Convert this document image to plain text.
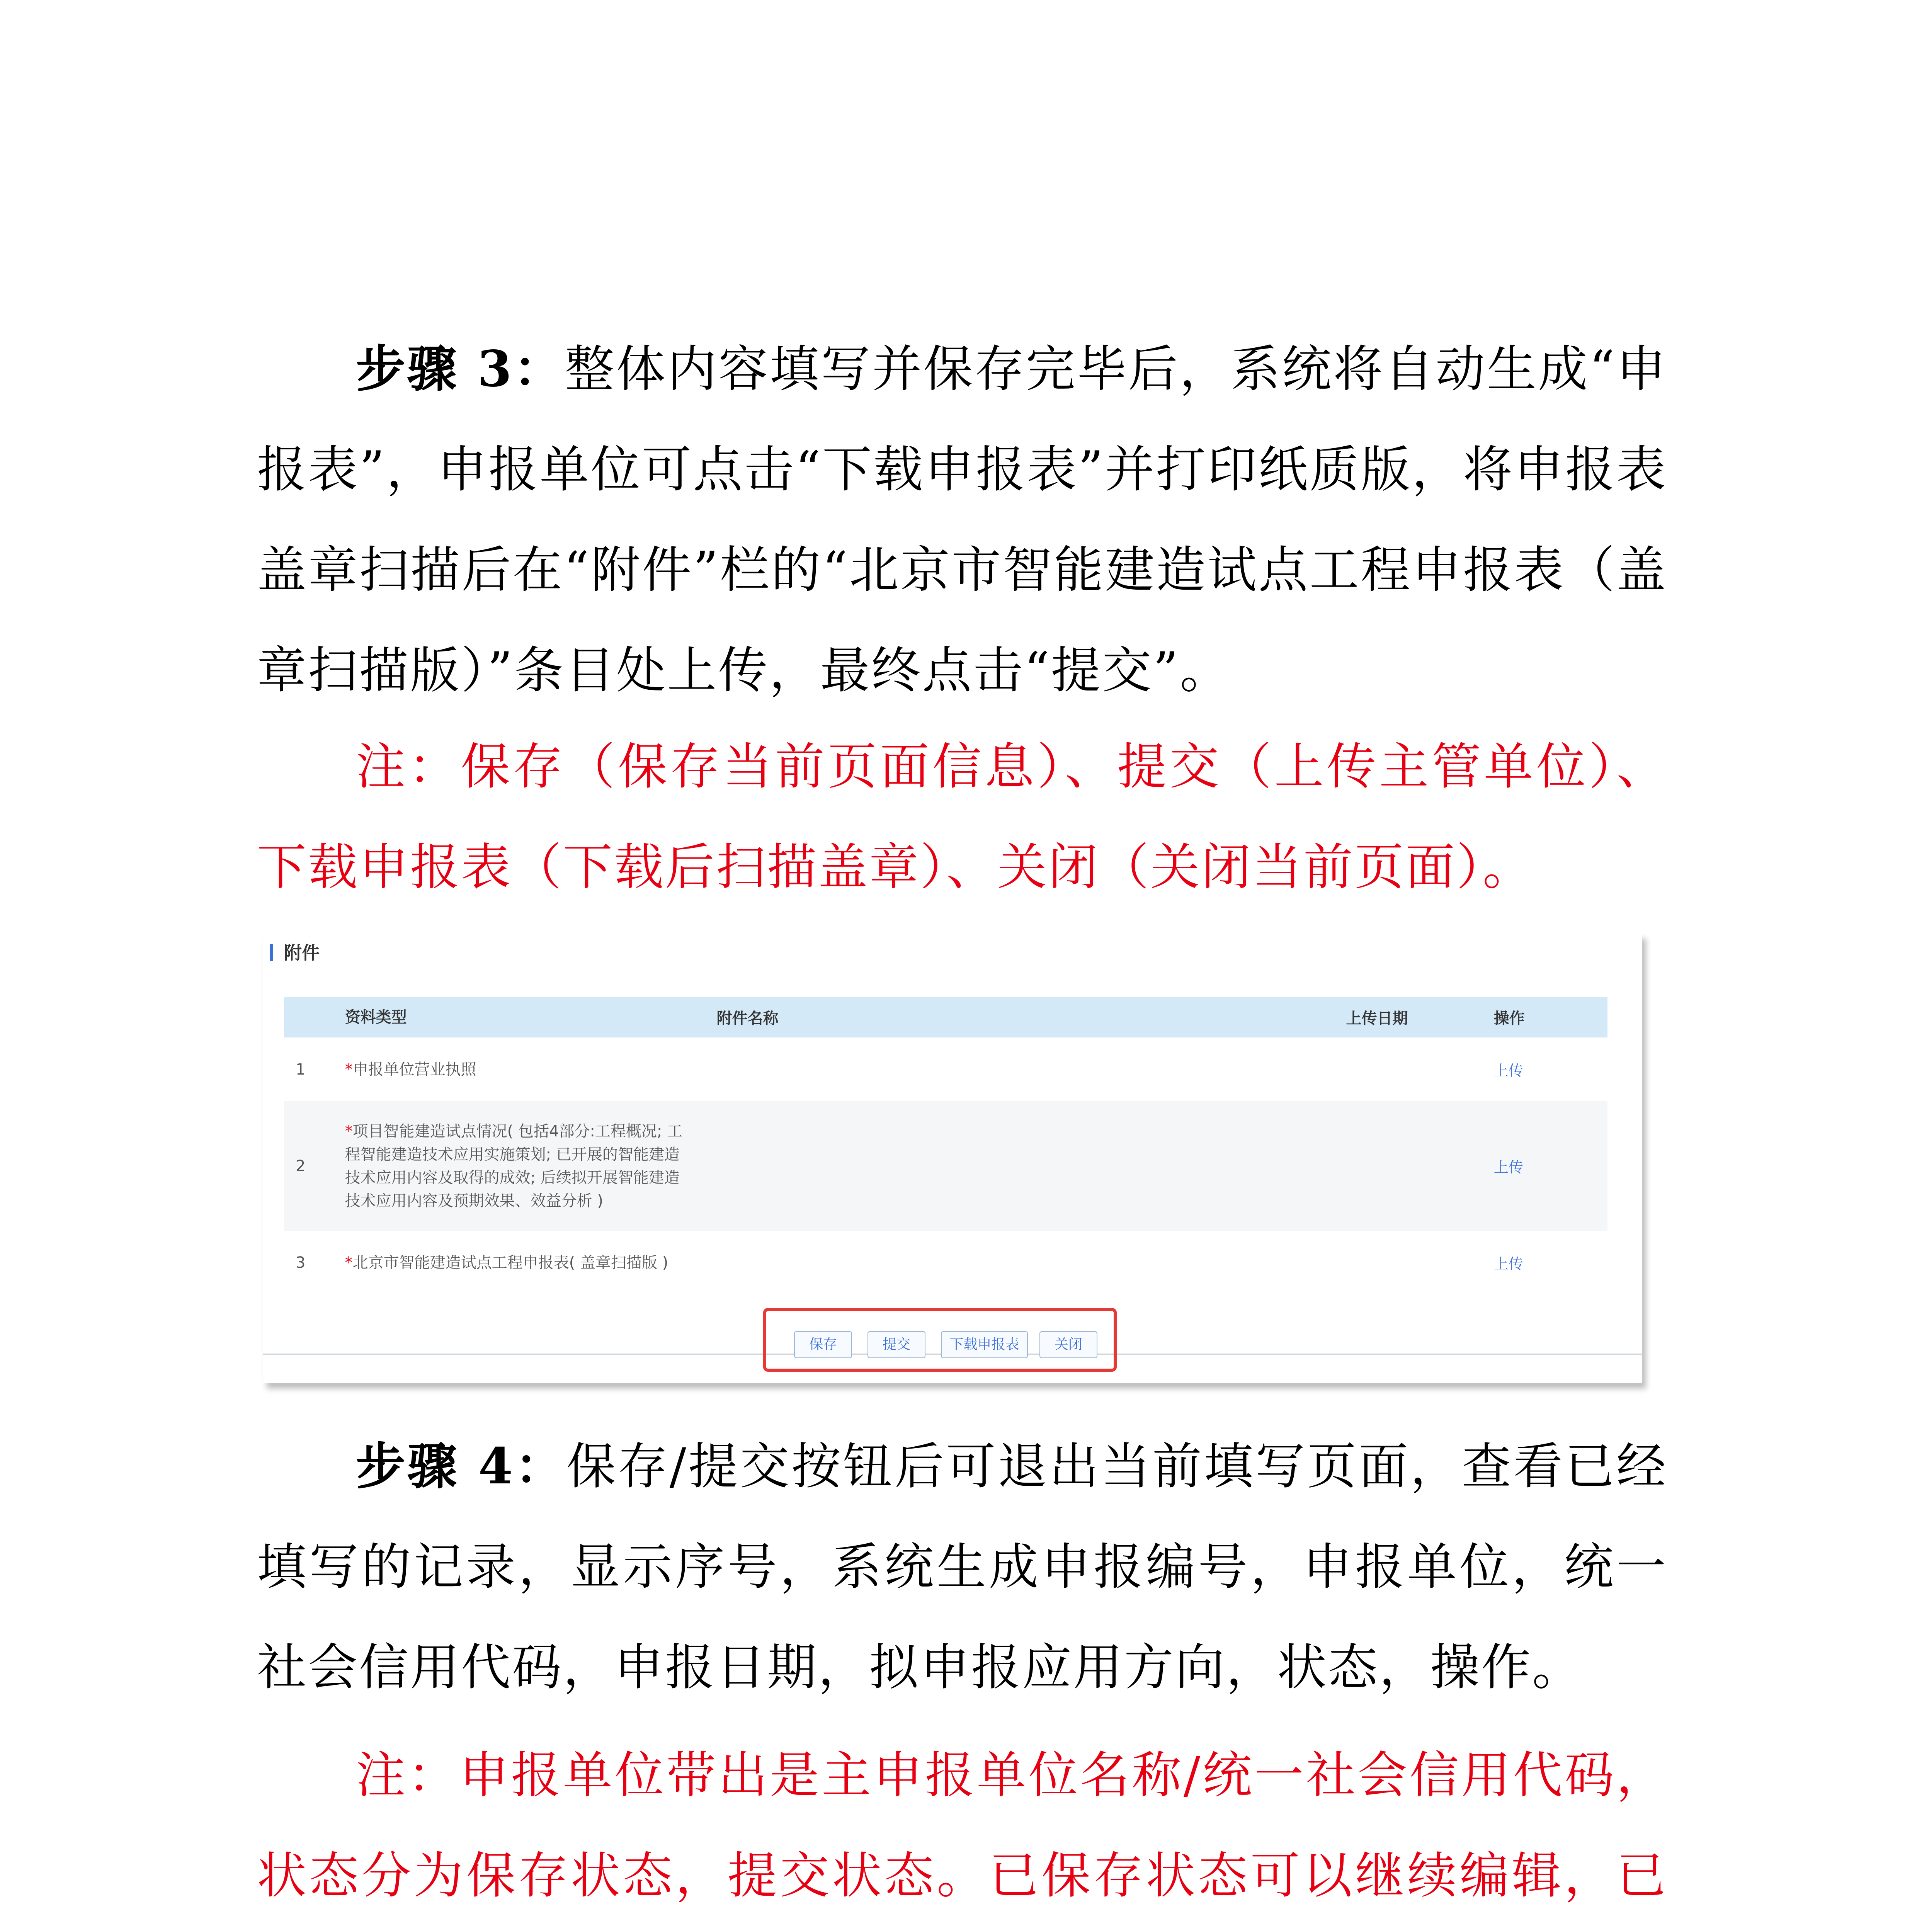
步骤 3：整体内容填写并保存完毕后，系统将自动生成“申报表”，申报单位可点击“下载申报表”并打印纸质版，将申报表盖章扫描后在“附件”栏的“北京市智能建造试点工程申报表（盖章扫描版）”条目处上传，最终点击“提交”。

注：保存（保存当前页面信息）、提交（上传主管单位）、下载申报表（下载后扫描盖章）、关闭（关闭当前页面）。

附件
	资料类型	附件名称	上传日期	操作
1	*申报单位营业执照			上传
2	*项目智能建造试点情况( 包括4部分:工程概况; 工程智能建造技术应用实施策划; 已开展的智能建造技术应用内容及取得的成效; 后续拟开展智能建造技术应用内容及预期效果、效益分析 )			上传
3	*北京市智能建造试点工程申报表( 盖章扫描版 )			上传
保存	提交	下载申报表	关闭

步骤 4：保存/提交按钮后可退出当前填写页面，查看已经填写的记录，显示序号，系统生成申报编号，申报单位，统一社会信用代码，申报日期，拟申报应用方向，状态，操作。

注：申报单位带出是主申报单位名称/统一社会信用代码，状态分为保存状态，提交状态。已保存状态可以继续编辑，已
